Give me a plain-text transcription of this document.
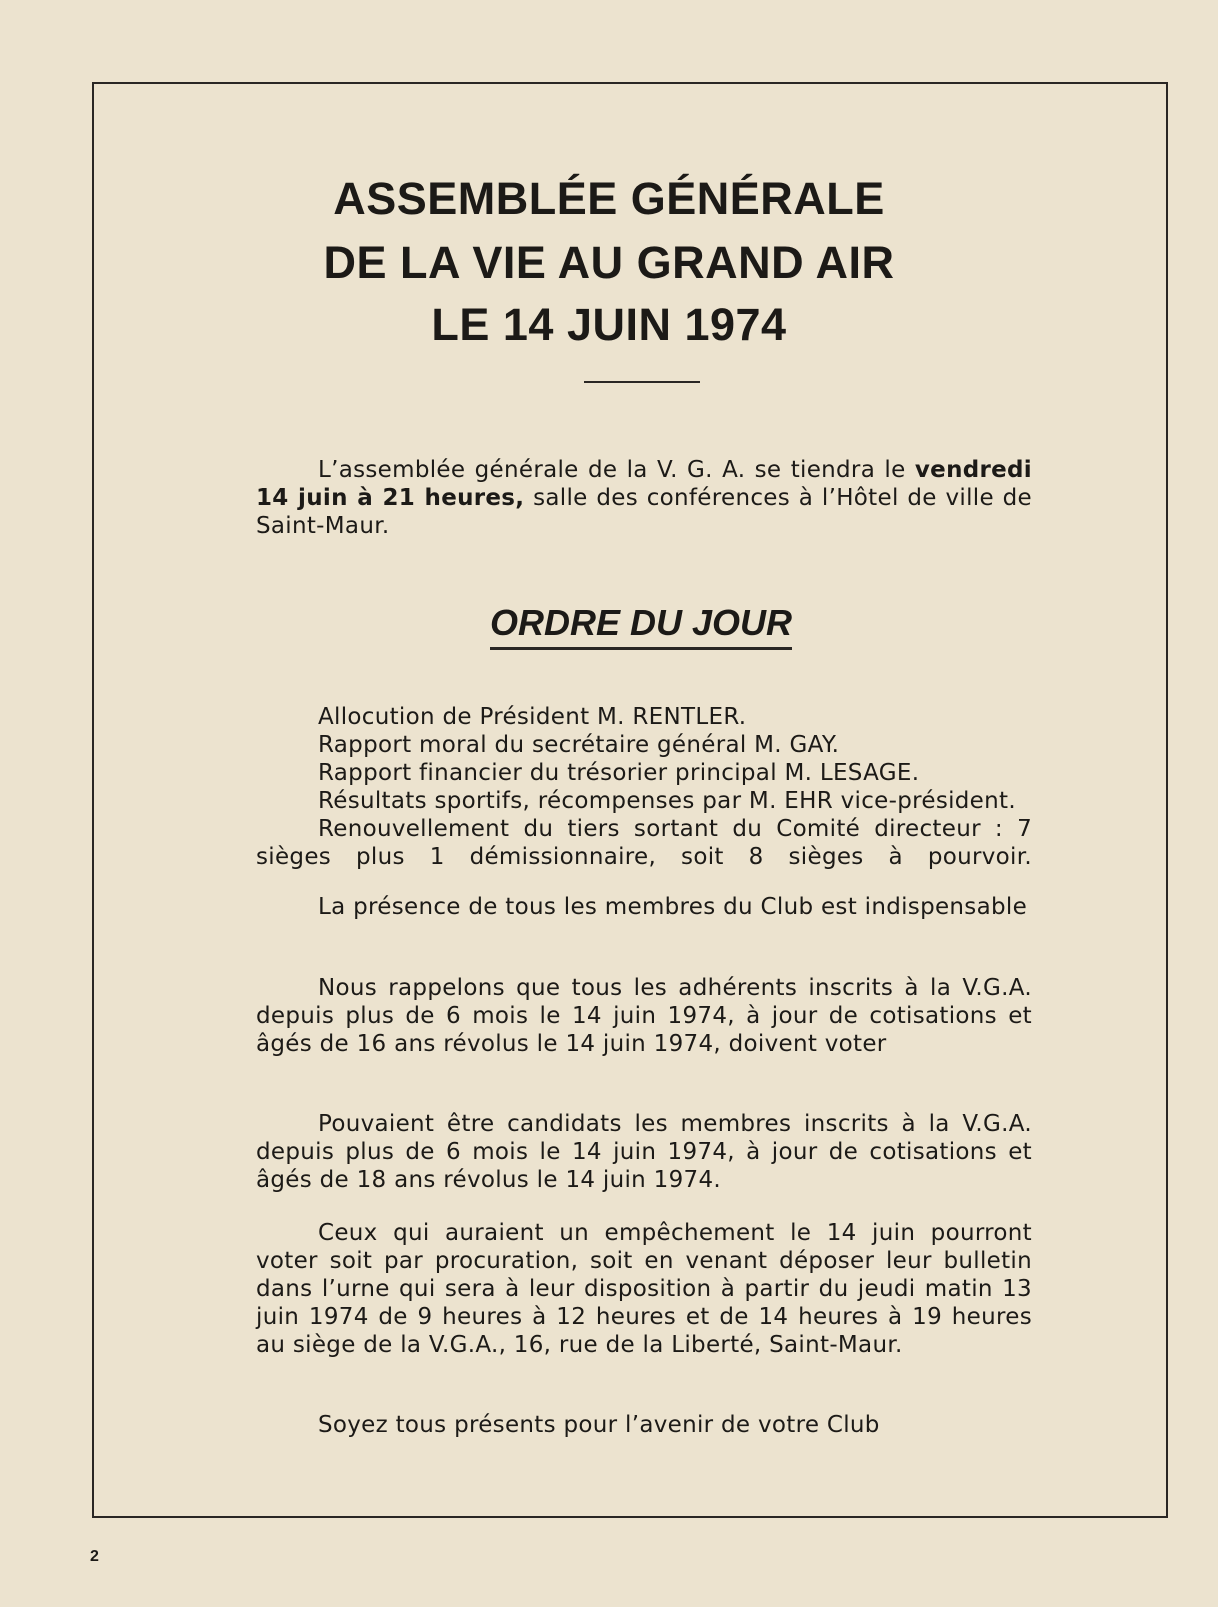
ASSEMBLÉE GÉNÉRALE
DE LA VIE AU GRAND AIR
LE 14 JUIN 1974

L’assemblée générale de la V. G. A. se tiendra le vendredi 14 juin à 21 heures, salle des conférences à l’Hôtel de ville de Saint-Maur.

ORDRE DU JOUR
Allocution de Président M. RENTLER.
Rapport moral du secrétaire général M. GAY.
Rapport financier du trésorier principal M. LESAGE.
Résultats sportifs, récompenses par M. EHR vice-président.
Renouvellement du tiers sortant du Comité directeur : 7 sièges plus 1 démissionnaire, soit 8 sièges à pourvoir.

La présence de tous les membres du Club est indispensable

Nous rappelons que tous les adhérents inscrits à la V.G.A. depuis plus de 6 mois le 14 juin 1974, à jour de cotisations et âgés de 16 ans révolus le 14 juin 1974, doivent voter

Pouvaient être candidats les membres inscrits à la V.G.A. depuis plus de 6 mois le 14 juin 1974, à jour de cotisations et âgés de 18 ans révolus le 14 juin 1974.

Ceux qui auraient un empêchement le 14 juin pourront voter soit par procuration, soit en venant déposer leur bulletin dans l’urne qui sera à leur disposition à partir du jeudi matin 13 juin 1974 de 9 heures à 12 heures et de 14 heures à 19 heures au siège de la V.G.A., 16, rue de la Liberté, Saint-Maur.

Soyez tous présents pour l’avenir de votre Club

2
